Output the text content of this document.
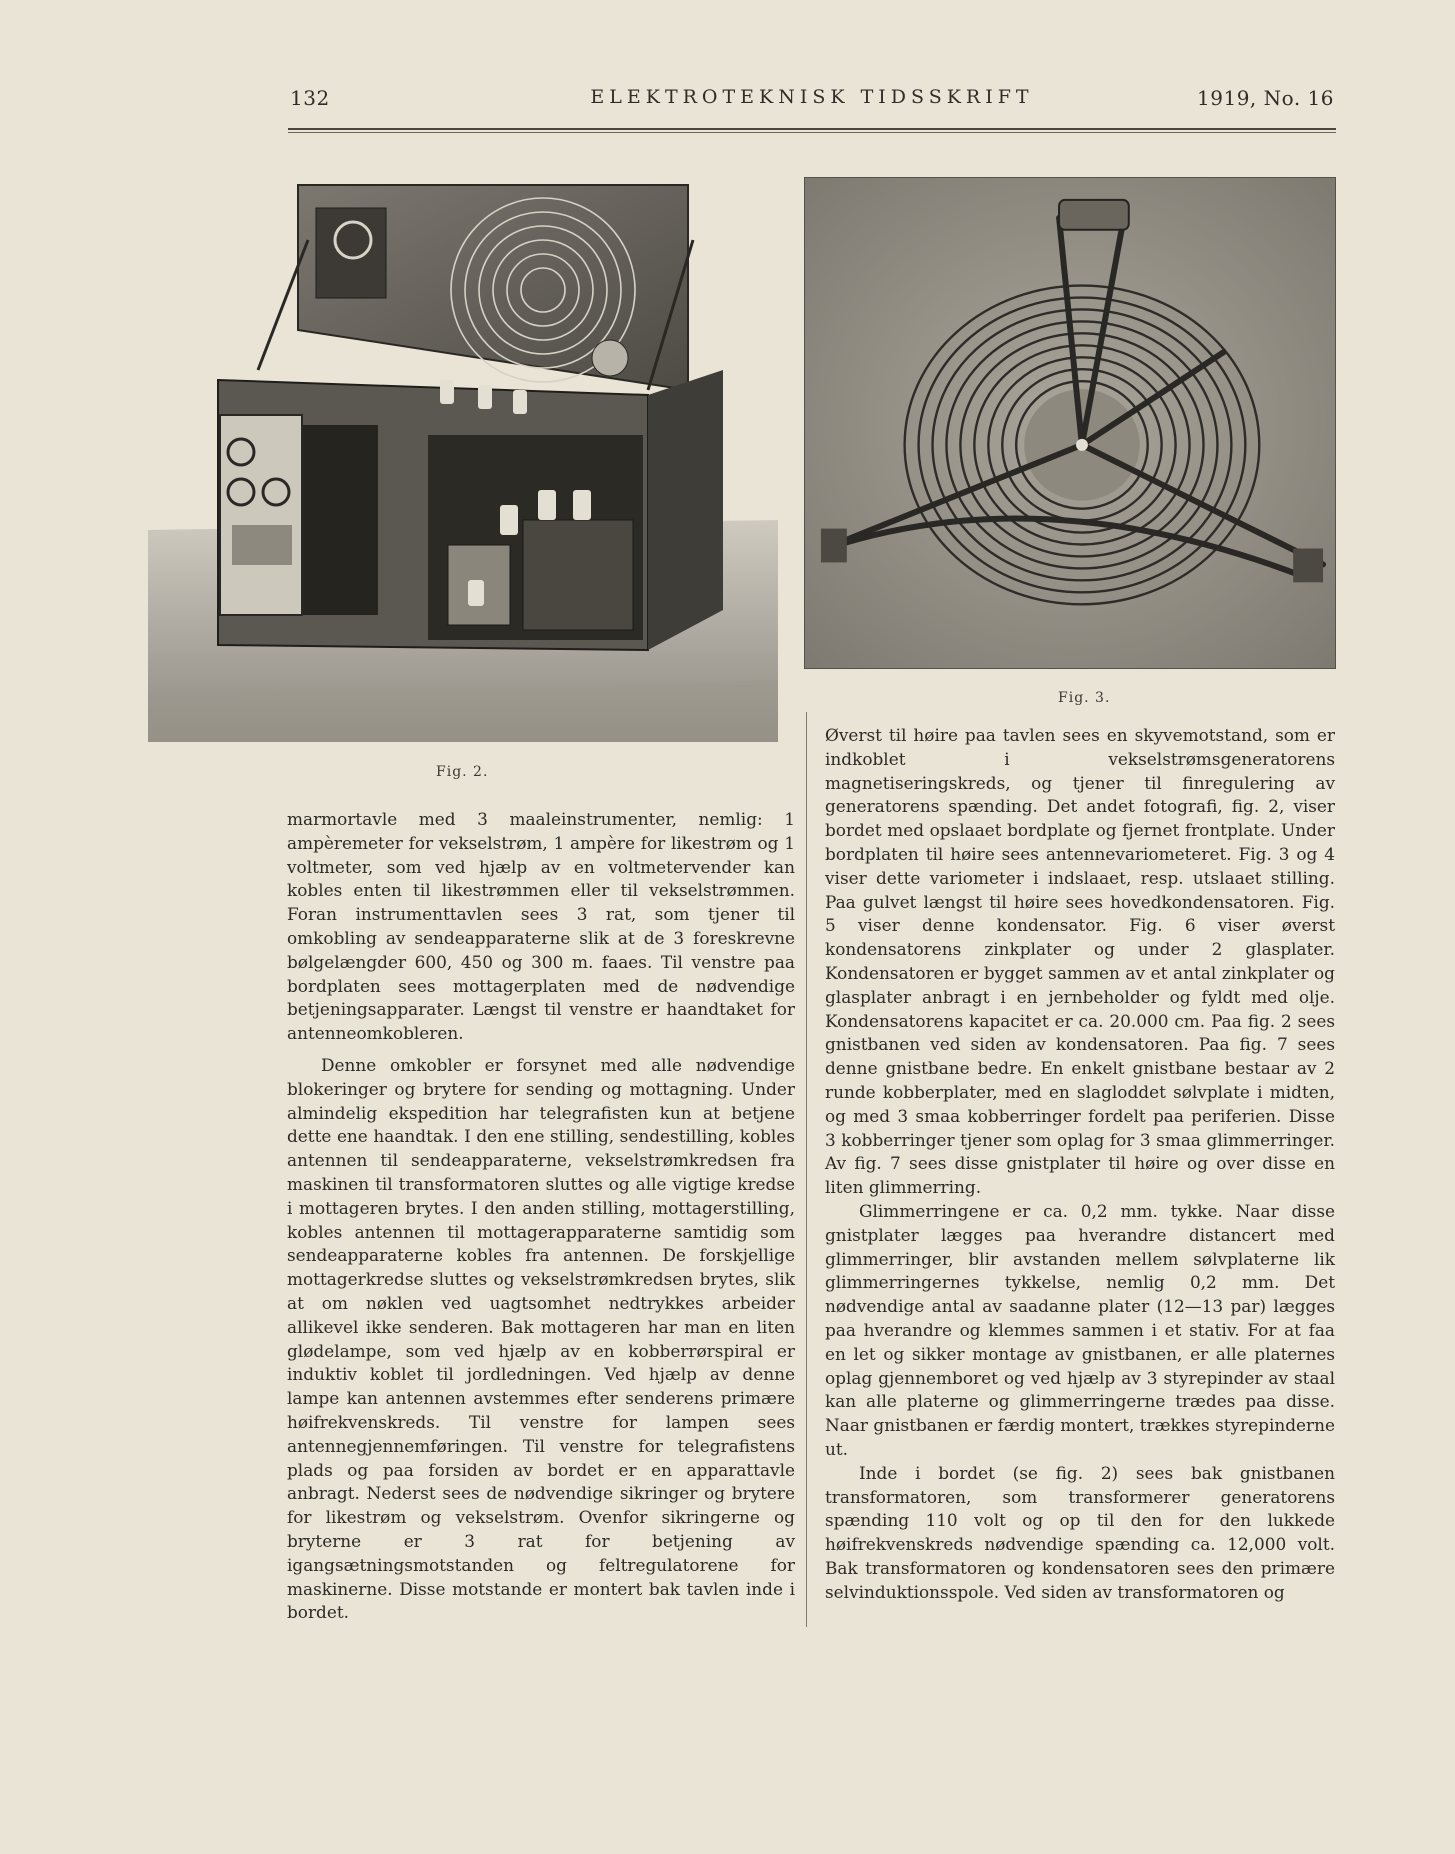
132	ELEKTROTEKNISK TIDSSKRIFT	1919, No. 16
Fig. 2.
Fig. 3.

marmortavle med 3 maaleinstrumenter, nemlig: 1 ampèremeter for vekselstrøm, 1 ampère for likestrøm og 1 voltmeter, som ved hjælp av en voltmetervender kan kobles enten til likestrømmen eller til vekselstrømmen. Foran instrumenttavlen sees 3 rat, som tjener til omkobling av sendeapparaterne slik at de 3 foreskrevne bølgelængder 600, 450 og 300 m. faaes. Til venstre paa bordplaten sees mottagerplaten med de nødvendige betjeningsapparater. Længst til venstre er haandtaket for antenneomkobleren.

Denne omkobler er forsynet med alle nødvendige blokeringer og brytere for sending og mottagning. Under almindelig ekspedition har telegrafisten kun at betjene dette ene haandtak. I den ene stilling, sendestilling, kobles antennen til sendeapparaterne, vekselstrømkredsen fra maskinen til transformatoren sluttes og alle vigtige kredse i mottageren brytes. I den anden stilling, mottagerstilling, kobles antennen til mottagerapparaterne samtidig som sendeapparaterne kobles fra antennen. De forskjellige mottagerkredse sluttes og vekselstrømkredsen brytes, slik at om nøklen ved uagtsomhet nedtrykkes arbeider allikevel ikke senderen. Bak mottageren har man en liten glødelampe, som ved hjælp av en kobberrørspiral er induktiv koblet til jordledningen. Ved hjælp av denne lampe kan antennen avstemmes efter senderens primære høifrekvenskreds. Til venstre for lampen sees antennegjennemføringen. Til venstre for telegrafistens plads og paa forsiden av bordet er en apparattavle anbragt. Nederst sees de nødvendige sikringer og brytere for likestrøm og vekselstrøm. Ovenfor sikringerne og bryterne er 3 rat for betjening av igangsætningsmotstanden og feltregulatorene for maskinerne. Disse motstande er montert bak tavlen inde i bordet.

Øverst til høire paa tavlen sees en skyvemotstand, som er indkoblet i vekselstrømsgeneratorens magnetiseringskreds, og tjener til finregulering av generatorens spænding. Det andet fotografi, fig. 2, viser bordet med opslaaet bordplate og fjernet frontplate. Under bordplaten til høire sees antennevariometeret. Fig. 3 og 4 viser dette variometer i indslaaet, resp. utslaaet stilling. Paa gulvet længst til høire sees hovedkondensatoren. Fig. 5 viser denne kondensator. Fig. 6 viser øverst kondensatorens zinkplater og under 2 glasplater. Kondensatoren er bygget sammen av et antal zinkplater og glasplater anbragt i en jernbeholder og fyldt med olje. Kondensatorens kapacitet er ca. 20.000 cm. Paa fig. 2 sees gnistbanen ved siden av kondensatoren. Paa fig. 7 sees denne gnistbane bedre. En enkelt gnistbane bestaar av 2 runde kobberplater, med en slagloddet sølvplate i midten, og med 3 smaa kobberringer fordelt paa periferien. Disse 3 kobberringer tjener som oplag for 3 smaa glimmerringer. Av fig. 7 sees disse gnistplater til høire og over disse en liten glimmerring.

Glimmerringene er ca. 0,2 mm. tykke. Naar disse gnistplater lægges paa hverandre distancert med glimmerringer, blir avstanden mellem sølvplaterne lik glimmerringernes tykkelse, nemlig 0,2 mm. Det nødvendige antal av saadanne plater (12—13 par) lægges paa hverandre og klemmes sammen i et stativ. For at faa en let og sikker montage av gnistbanen, er alle platernes oplag gjennemboret og ved hjælp av 3 styrepinder av staal kan alle platerne og glimmerringerne trædes paa disse. Naar gnistbanen er færdig montert, trækkes styrepinderne ut.

Inde i bordet (se fig. 2) sees bak gnistbanen transformatoren, som transformerer generatorens spænding 110 volt og op til den for den lukkede høifrekvenskreds nødvendige spænding ca. 12,000 volt. Bak transformatoren og kondensatoren sees den primære selvinduktionsspole. Ved siden av transformatoren og
